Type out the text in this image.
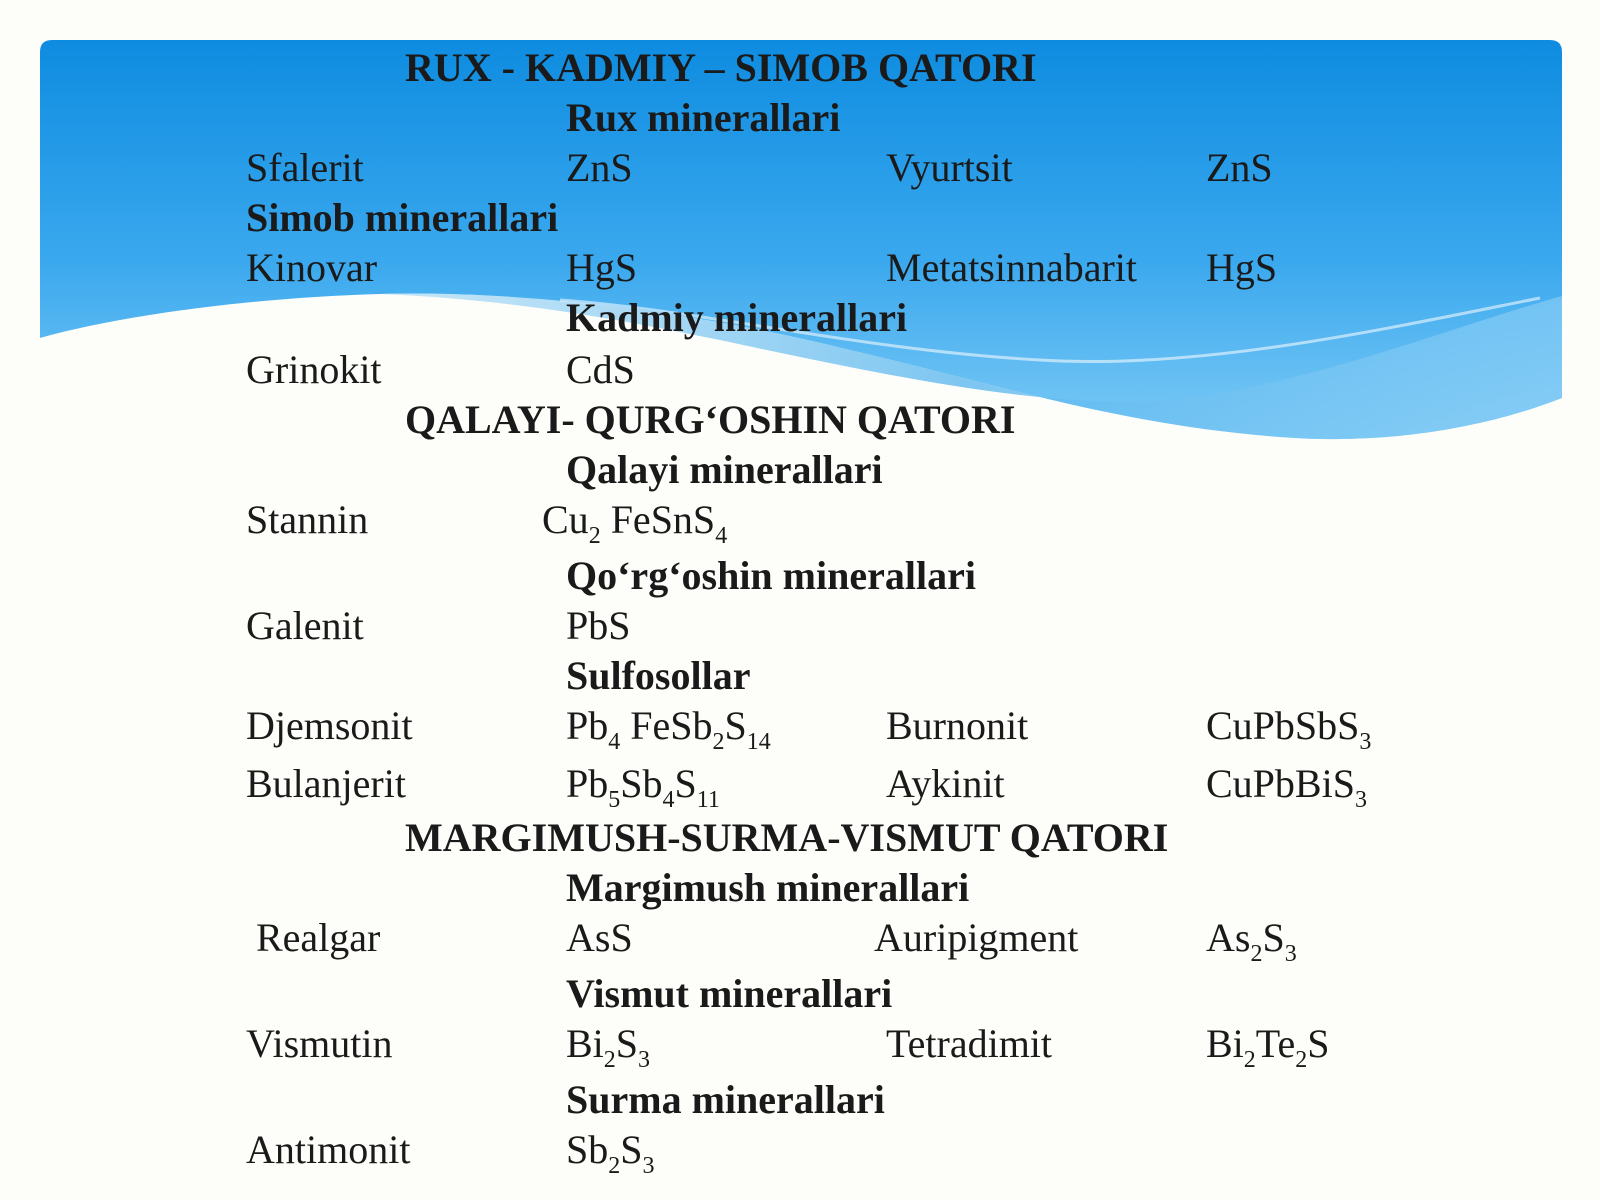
RUX - KADMIY – SIMOB QATORI
Rux minerallari
Sfalerit	ZnS	Vyurtsit	ZnS
Simob minerallari
Kinovar	HgS	Metatsinnabarit HgS
Kadmiy minerallari
Grinokit	CdS
QALAYI- QURG‘OSHIN QATORI
Qalayi minerallari
Stannin	$Cu_2$ FeSnS$_4$
Qo‘rg‘oshin minerallari
Galenit	PbS
Sulfosollar
Djemsonit	$Pb_4$ $FeSb_2S_{14}$	Burnonit	CuPbSbS$_3$
Bulanjerit	$Pb_5Sb_4S_{11}$	Aykinit	CuPbBiS$_3$
MARGIMUSH-SURMA-VISMUT QATORI
Margimush minerallari
Realgar	AsS	Auripigment	$As_2S_3$
Vismut minerallari
Vismutin	$Bi_2S_3$	Tetradimit	$Bi_2Te_2S$
Surma minerallari
Antimonit	$Sb_2S_3$
